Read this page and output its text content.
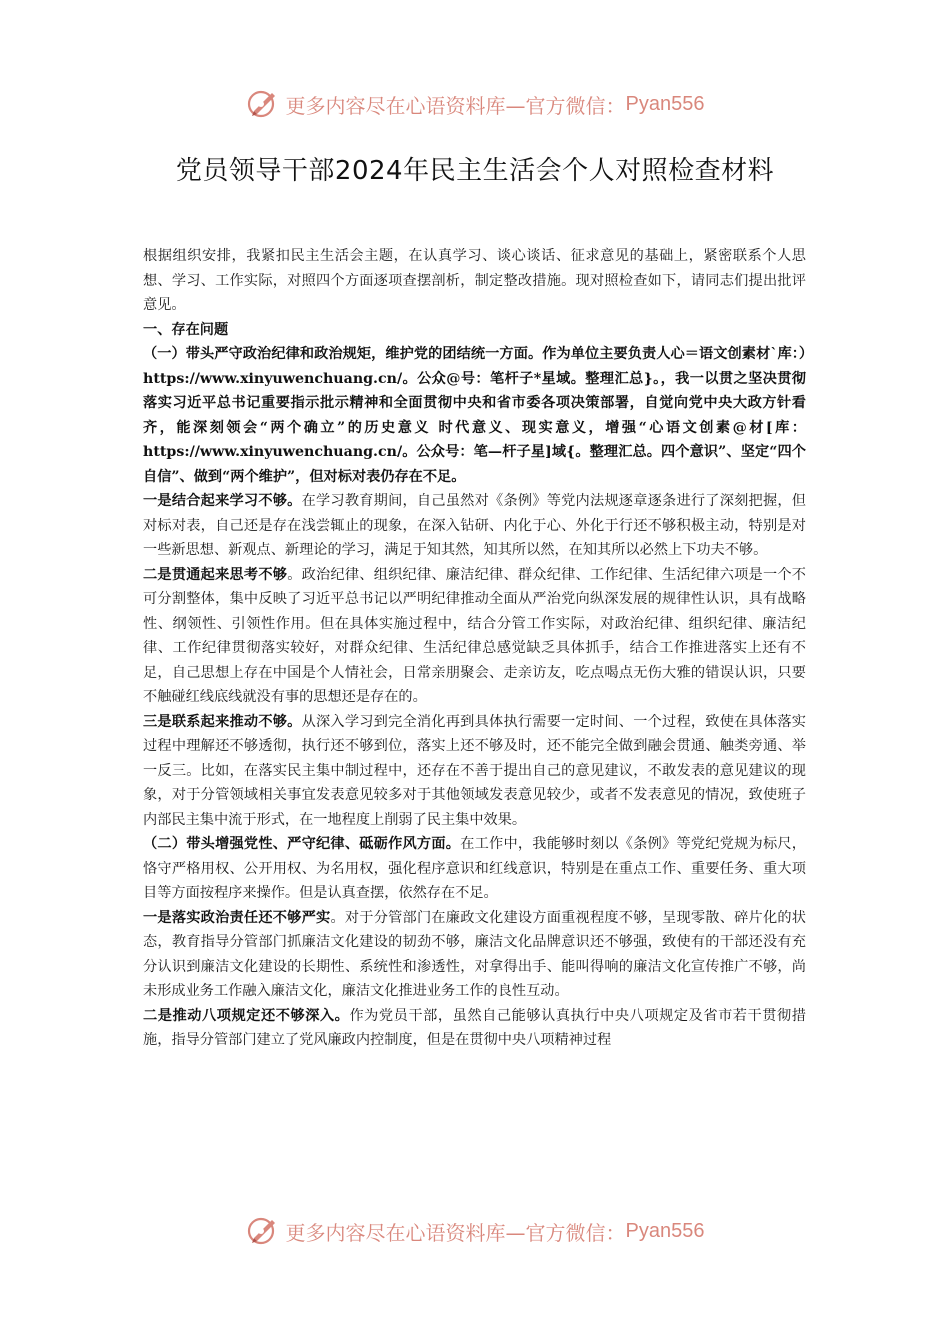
更多内容尽在心语资料库—官方微信： Pyan556
党员领导干部2024年民主生活会个人对照检查材料

根据组织安排，我紧扣民主生活会主题，在认真学习、谈心谈话、征求意见的基础上，紧密联系个人思想、学习、工作实际，对照四个方面逐项查摆剖析，制定整改措施。现对照检查如下，请同志们提出批评意见。

一、存在问题

（一）带头严守政治纪律和政治规矩，维护党的团结统一方面。作为单位主要负责人心＝语文创素材`库：）https://www.xinyuwenchuang.cn/。公众@号：笔杆子*星域。整理汇总}。，我一以贯之坚决贯彻落实习近平总书记重要指示批示精神和全面贯彻中央和省市委各项决策部署，自觉向党中央大政方针看齐，能深刻领会“两个确立”的历史意义 时代意义、现实意义，增强“心语文创素@材[库：https://www.xinyuwenchuang.cn/。公众号：笔—杆子星]域{。整理汇总。四个意识”、坚定“四个自信”、做到“两个维护”，但对标对表仍存在不足。

一是结合起来学习不够。在学习教育期间，自己虽然对《条例》等党内法规逐章逐条进行了深刻把握，但对标对表，自己还是存在浅尝辄止的现象，在深入钻研、内化于心、外化于行还不够积极主动，特别是对一些新思想、新观点、新理论的学习，满足于知其然，知其所以然，在知其所以必然上下功夫不够。

二是贯通起来思考不够。政治纪律、组织纪律、廉洁纪律、群众纪律、工作纪律、生活纪律六项是一个不可分割整体，集中反映了习近平总书记以严明纪律推动全面从严治党向纵深发展的规律性认识，具有战略性、纲领性、引领性作用。但在具体实施过程中，结合分管工作实际，对政治纪律、组织纪律、廉洁纪律、工作纪律贯彻落实较好，对群众纪律、生活纪律总感觉缺乏具体抓手，结合工作推进落实上还有不足，自己思想上存在中国是个人情社会，日常亲朋聚会、走亲访友，吃点喝点无伤大雅的错误认识，只要不触碰红线底线就没有事的思想还是存在的。

三是联系起来推动不够。从深入学习到完全消化再到具体执行需要一定时间、一个过程，致使在具体落实过程中理解还不够透彻，执行还不够到位，落实上还不够及时，还不能完全做到融会贯通、触类旁通、举一反三。比如，在落实民主集中制过程中，还存在不善于提出自己的意见建议，不敢发表的意见建议的现象，对于分管领域相关事宜发表意见较多对于其他领域发表意见较少，或者不发表意见的情况，致使班子内部民主集中流于形式，在一地程度上削弱了民主集中效果。

（二）带头增强党性、严守纪律、砥砺作风方面。在工作中，我能够时刻以《条例》等党纪党规为标尺，恪守严格用权、公开用权、为名用权，强化程序意识和红线意识，特别是在重点工作、重要任务、重大项目等方面按程序来操作。但是认真查摆，依然存在不足。

一是落实政治责任还不够严实。对于分管部门在廉政文化建设方面重视程度不够，呈现零散、碎片化的状态，教育指导分管部门抓廉洁文化建设的韧劲不够，廉洁文化品牌意识还不够强，致使有的干部还没有充分认识到廉洁文化建设的长期性、系统性和渗透性，对拿得出手、能叫得响的廉洁文化宣传推广不够，尚未形成业务工作融入廉洁文化，廉洁文化推进业务工作的良性互动。

二是推动八项规定还不够深入。作为党员干部，虽然自己能够认真执行中央八项规定及省市若干贯彻措施，指导分管部门建立了党风廉政内控制度，但是在贯彻中央八项精神过程

更多内容尽在心语资料库—官方微信： Pyan556
